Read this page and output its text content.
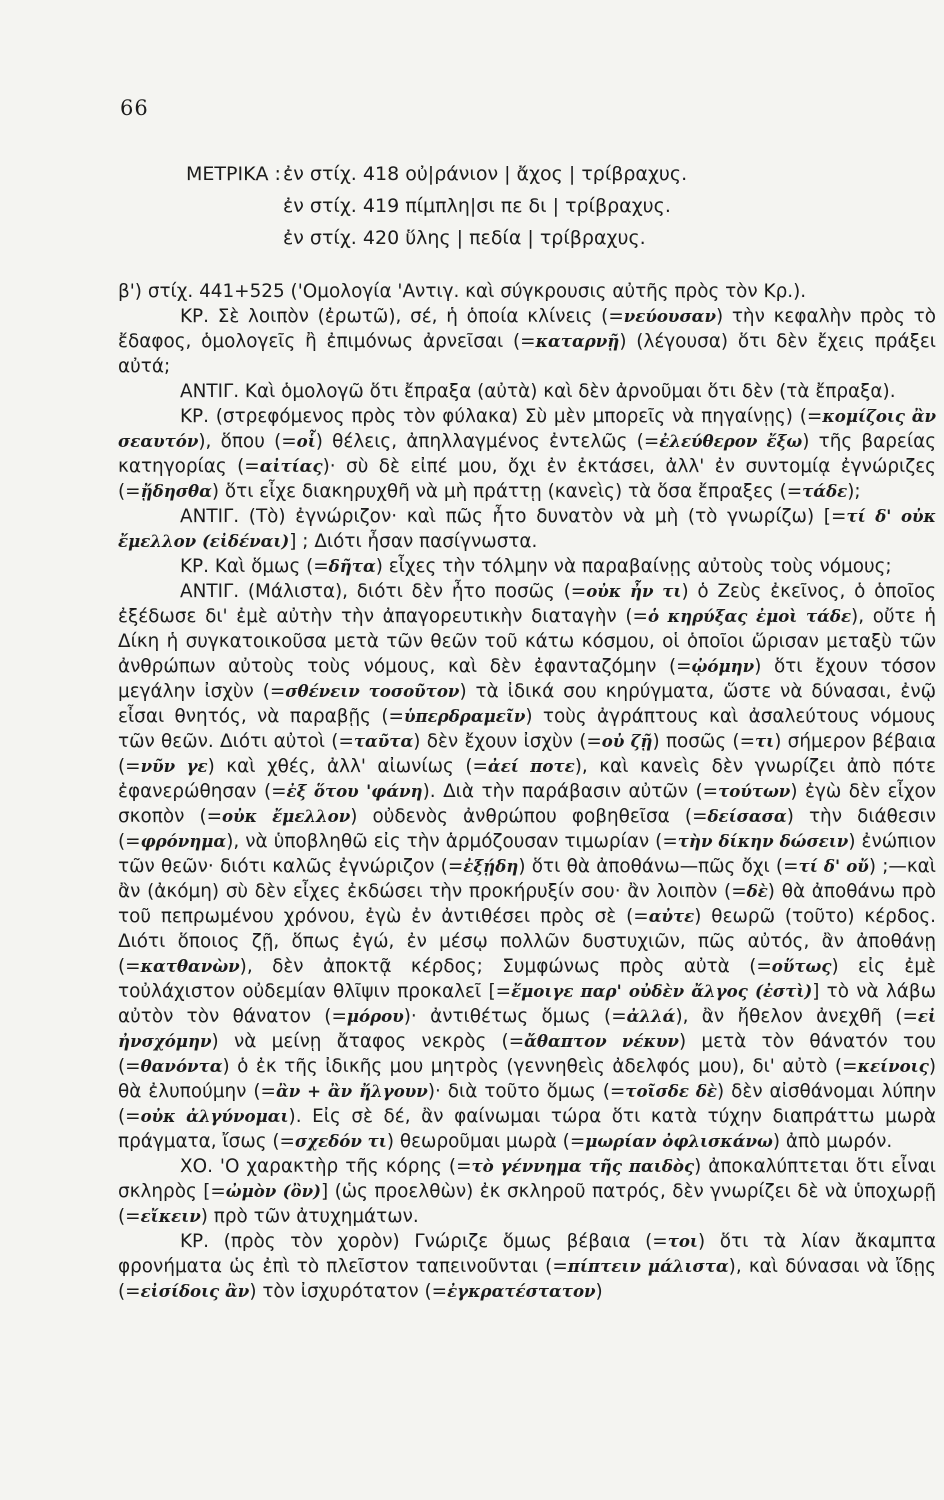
66
ΜΕΤΡΙΚΑ : ἐν στίχ. 418 οὐ|ράνιον | ἄχος | τρίβραχυς.
ἐν στίχ. 419 πίμπλη|σι πε δι | τρίβραχυς.
ἐν στίχ. 420 ὕλης | πεδία | τρίβραχυς.

β') στίχ. 441+525 ('Ομολογία 'Αντιγ. καὶ σύγκρουσις αὐτῆς πρὸς τὸν Κρ.).

ΚΡ. Σὲ λοιπὸν (ἐρωτῶ), σέ, ἡ ὁποία κλίνεις (=νεύουσαν) τὴν κεφαλὴν πρὸς τὸ ἔδαφος, ὁμολογεῖς ἢ ἐπιμόνως ἀρνεῖσαι (=καταρνῇ) (λέγουσα) ὅτι δὲν ἔχεις πράξει αὐτά;

ΑΝΤΙΓ. Καὶ ὁμολογῶ ὅτι ἔπραξα (αὐτὰ) καὶ δὲν ἀρνοῦμαι ὅτι δὲν (τὰ ἔπραξα).

ΚΡ. (στρεφόμενος πρὸς τὸν φύλακα) Σὺ μὲν μπορεῖς νὰ πηγαίνῃς) (=κομίζοις ἂν σεαυτόν), ὅπου (=οἷ) θέλεις, ἀπηλλαγμένος ἐντελῶς (=ἐλεύθερον ἔξω) τῆς βαρείας κατηγορίας (=αἰτίας)· σὺ δὲ εἰπέ μου, ὄχι ἐν ἐκτάσει, ἀλλ' ἐν συντομίᾳ ἐγνώριζες (=ᾔδησθα) ὅτι εἶχε διακηρυχθῆ νὰ μὴ πράττῃ (κανεὶς) τὰ ὅσα ἔπραξες (=τάδε);

ΑΝΤΙΓ. (Τὸ) ἐγνώριζον· καὶ πῶς ἦτο δυνατὸν νὰ μὴ (τὸ γνωρίζω) [=τί δ' οὐκ ἔμελλον (εἰδέναι)] ; Διότι ἦσαν πασίγνωστα.

ΚΡ. Καὶ ὅμως (=δῆτα) εἶχες τὴν τόλμην νὰ παραβαίνῃς αὐτοὺς τοὺς νόμους;

ΑΝΤΙΓ. (Μάλιστα), διότι δὲν ἦτο ποσῶς (=οὐκ ἦν τι) ὁ Ζεὺς ἐκεῖνος, ὁ ὁποῖος ἐξέδωσε δι' ἐμὲ αὐτὴν τὴν ἀπαγορευτικὴν διαταγὴν (=ὁ κηρύξας ἐμοὶ τάδε), οὔτε ἡ Δίκη ἡ συγκατοικοῦσα μετὰ τῶν θεῶν τοῦ κάτω κόσμου, οἱ ὁποῖοι ὥρισαν μεταξὺ τῶν ἀνθρώπων αὐτοὺς τοὺς νόμους, καὶ δὲν ἐφανταζόμην (=ᾠόμην) ὅτι ἔχουν τόσον μεγάλην ἰσχὺν (=σθένειν τοσοῦτον) τὰ ἰδικά σου κηρύγματα, ὥστε νὰ δύνασαι, ἐνῷ εἶσαι θνητός, νὰ παραβῇς (=ὑπερδραμεῖν) τοὺς ἀγράπτους καὶ ἀσαλεύτους νόμους τῶν θεῶν. Διότι αὐτοὶ (=ταῦτα) δὲν ἔχουν ἰσχὺν (=οὐ ζῇ) ποσῶς (=τι) σήμερον βέβαια (=νῦν γε) καὶ χθές, ἀλλ' αἰωνίως (=ἀεί ποτε), καὶ κανεὶς δὲν γνωρίζει ἀπὸ πότε ἐφανερώθησαν (=ἐξ ὅτου 'φάνη). Διὰ τὴν παράβασιν αὐτῶν (=τούτων) ἐγὼ δὲν εἶχον σκοπὸν (=οὐκ ἔμελλον) οὐδενὸς ἀνθρώπου φοβηθεῖσα (=δείσασα) τὴν διάθεσιν (=φρόνημα), νὰ ὑποβληθῶ εἰς τὴν ἁρμόζουσαν τιμωρίαν (=τὴν δίκην δώσειν) ἐνώπιον τῶν θεῶν· διότι καλῶς ἐγνώριζον (=ἐξῄδη) ὅτι θὰ ἀποθάνω—πῶς ὄχι (=τί δ' οὔ) ;—καὶ ἂν (ἀκόμη) σὺ δὲν εἶχες ἐκδώσει τὴν προκήρυξίν σου· ἂν λοιπὸν (=δὲ) θὰ ἀποθάνω πρὸ τοῦ πεπρωμένου χρόνου, ἐγὼ ἐν ἀντιθέσει πρὸς σὲ (=αὐτε) θεωρῶ (τοῦτο) κέρδος. Διότι ὅποιος ζῇ, ὅπως ἐγώ, ἐν μέσῳ πολλῶν δυστυχιῶν, πῶς αὐτός, ἂν ἀποθάνῃ (=κατθανὼν), δὲν ἀποκτᾷ κέρδος; Συμφώνως πρὸς αὐτὰ (=οὕτως) εἰς ἐμὲ τοὐλάχιστον οὐδεμίαν θλῖψιν προκαλεῖ [=ἔμοιγε παρ' οὐδὲν ἄλγος (ἐστὶ)] τὸ νὰ λάβω αὐτὸν τὸν θάνατον (=μόρου)· ἀντιθέτως ὅμως (=ἀλλά), ἂν ἤθελον ἀνεχθῆ (=εἰ ἠνσχόμην) νὰ μείνῃ ἄταφος νεκρὸς (=ἄθαπτον νέκυν) μετὰ τὸν θάνατόν του (=θανόντα) ὁ ἐκ τῆς ἰδικῆς μου μητρὸς (γεννηθεὶς ἀδελφός μου), δι' αὐτὸ (=κείνοις) θὰ ἐλυπούμην (=ἂν + ἂν ἤλγουν)· διὰ τοῦτο ὅμως (=τοῖσδε δὲ) δὲν αἰσθάνομαι λύπην (=οὐκ ἀλγύνομαι). Εἰς σὲ δέ, ἂν φαίνωμαι τώρα ὅτι κατὰ τύχην διαπράττω μωρὰ πράγματα, ἴσως (=σχεδόν τι) θεωροῦμαι μωρὰ (=μωρίαν ὀφλισκάνω) ἀπὸ μωρόν.

ΧΟ. 'Ο χαρακτὴρ τῆς κόρης (=τὸ γέννημα τῆς παιδὸς) ἀποκαλύπτεται ὅτι εἶναι σκληρὸς [=ὠμὸν (ὂν)] (ὡς προελθὼν) ἐκ σκληροῦ πατρός, δὲν γνωρίζει δὲ νὰ ὑποχωρῇ (=εἴκειν) πρὸ τῶν ἀτυχημάτων.

ΚΡ. (πρὸς τὸν χορὸν) Γνώριζε ὅμως βέβαια (=τοι) ὅτι τὰ λίαν ἄκαμπτα φρονήματα ὡς ἐπὶ τὸ πλεῖστον ταπεινοῦνται (=πίπτειν μάλιστα), καὶ δύνασαι νὰ ἴδῃς (=εἰσίδοις ἂν) τὸν ἰσχυρότατον (=ἐγκρατέστατον)
